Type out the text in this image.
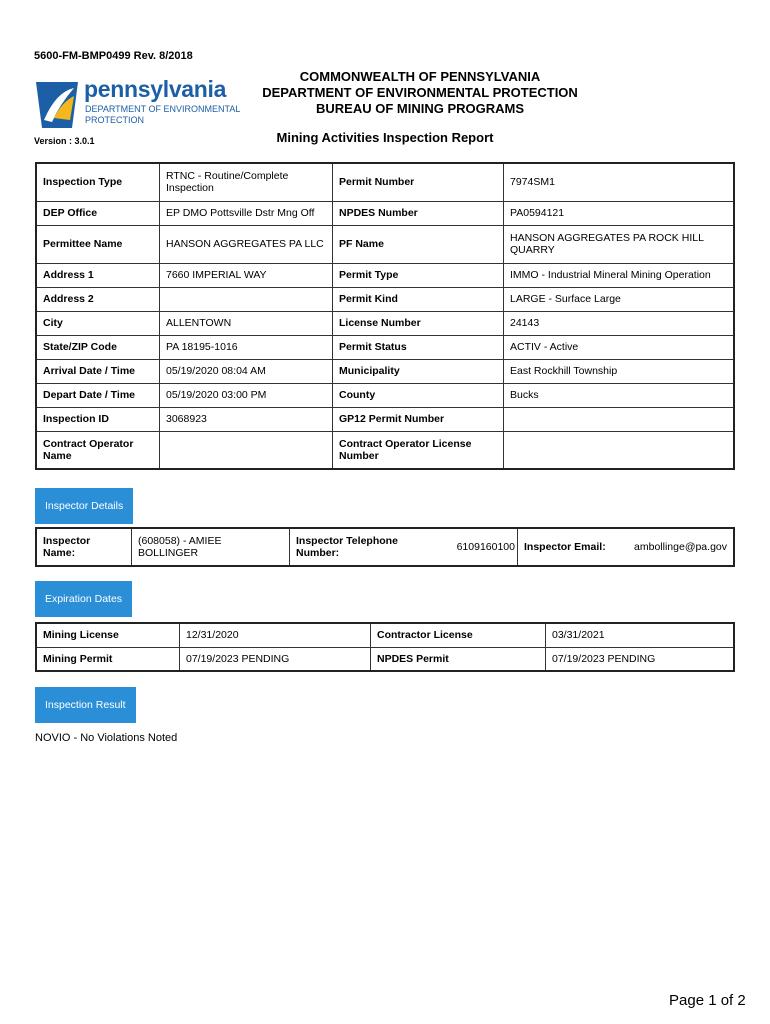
5600-FM-BMP0499 Rev. 8/2018
pennsylvania
DEPARTMENT OF ENVIRONMENTAL
PROTECTION
COMMONWEALTH OF PENNSYLVANIA
DEPARTMENT OF ENVIRONMENTAL PROTECTION
BUREAU OF MINING PROGRAMS
Version : 3.0.1	Mining Activities Inspection Report
Inspection Type	RTNC - Routine/Complete Inspection	Permit Number	7974SM1
DEP Office	EP DMO Pottsville Dstr Mng Off	NPDES Number	PA0594121
Permittee Name	HANSON AGGREGATES PA LLC	PF Name	HANSON AGGREGATES PA ROCK HILL QUARRY
Address 1	7660 IMPERIAL WAY	Permit Type	IMMO - Industrial Mineral Mining Operation
Address 2		Permit Kind	LARGE - Surface Large
City	ALLENTOWN	License Number	24143
State/ZIP Code	PA 18195-1016	Permit Status	ACTIV - Active
Arrival Date / Time	05/19/2020 08:04 AM	Municipality	East Rockhill Township
Depart Date / Time	05/19/2020 03:00 PM	County	Bucks
Inspection ID	3068923	GP12 Permit Number	
Contract Operator Name		Contract Operator License Number	
Inspector Details
Inspector Name:	(608058) - AMIEE BOLLINGER	Inspector Telephone Number:	6109160100	Inspector Email:	ambollinge@pa.gov
Expiration Dates
Mining License	12/31/2020	Contractor License	03/31/2021
Mining Permit	07/19/2023 PENDING	NPDES Permit	07/19/2023 PENDING
Inspection Result
NOVIO - No Violations Noted
Page 1 of 2
